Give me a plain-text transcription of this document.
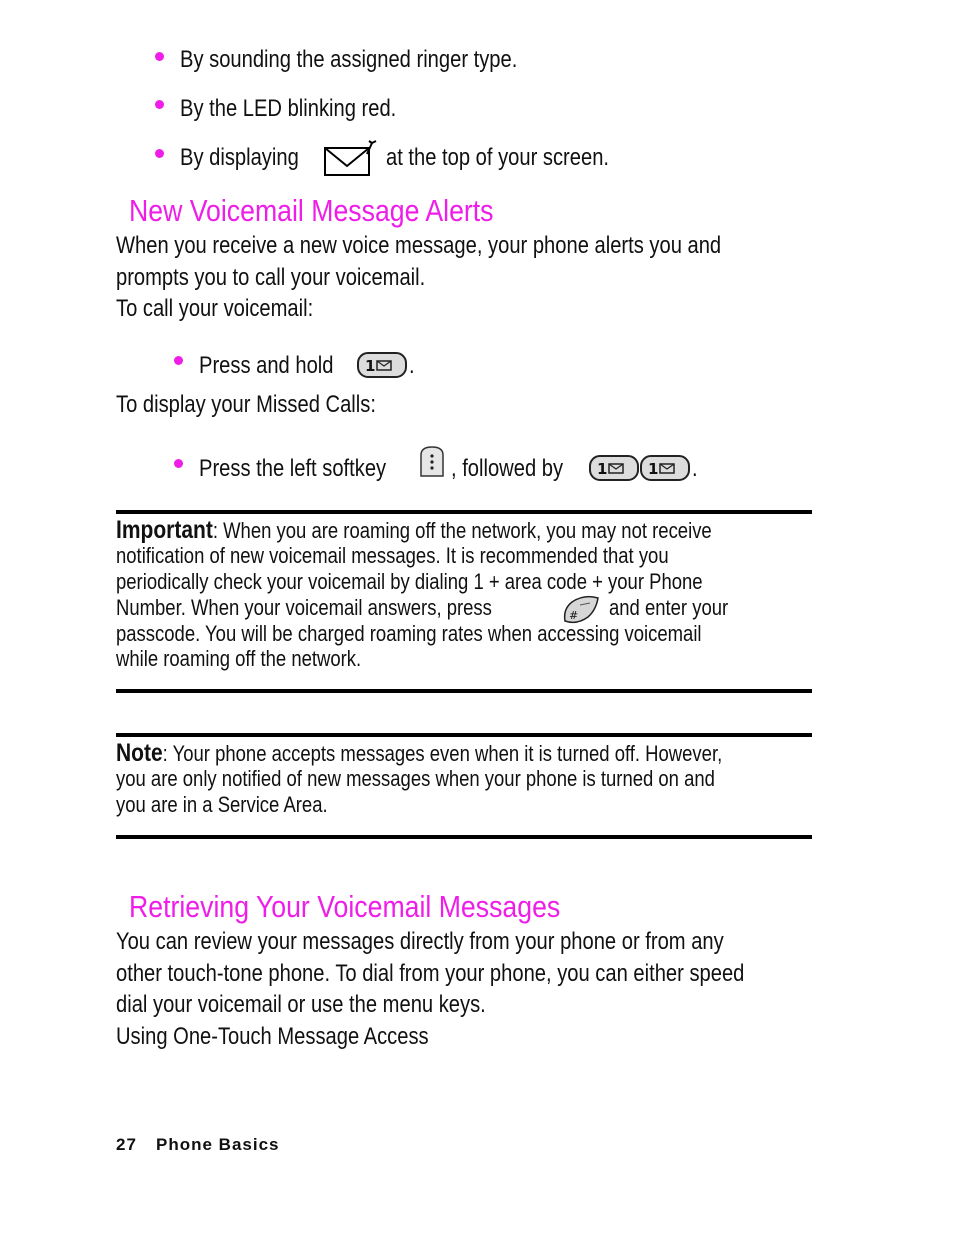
By sounding the assigned ringer type.
By the LED blinking red.
By displaying	at the top of your screen.
New Voicemail Message Alerts
When you receive a new voice message, your phone alerts you and
prompts you to call your voicemail.
To call your voicemail:
Press and hold 1 .
To display your Missed Calls:
Press the left softkey	, followed by 1	1 .
Important: When you are roaming off the network, you may not receive
notification of new voicemail messages. It is recommended that you
periodically check your voicemail by dialing 1 + area code + your Phone
Number. When your voicemail answers, press	# and enter your
passcode. You will be charged roaming rates when accessing voicemail
while roaming off the network.
Note: Your phone accepts messages even when it is turned off. However,
you are only notified of new messages when your phone is turned on and
you are in a Service Area.
Retrieving Your Voicemail Messages
You can review your messages directly from your phone or from any
other touch-tone phone. To dial from your phone, you can either speed
dial your voicemail or use the menu keys.
Using One-Touch Message Access
27 Phone Basics
